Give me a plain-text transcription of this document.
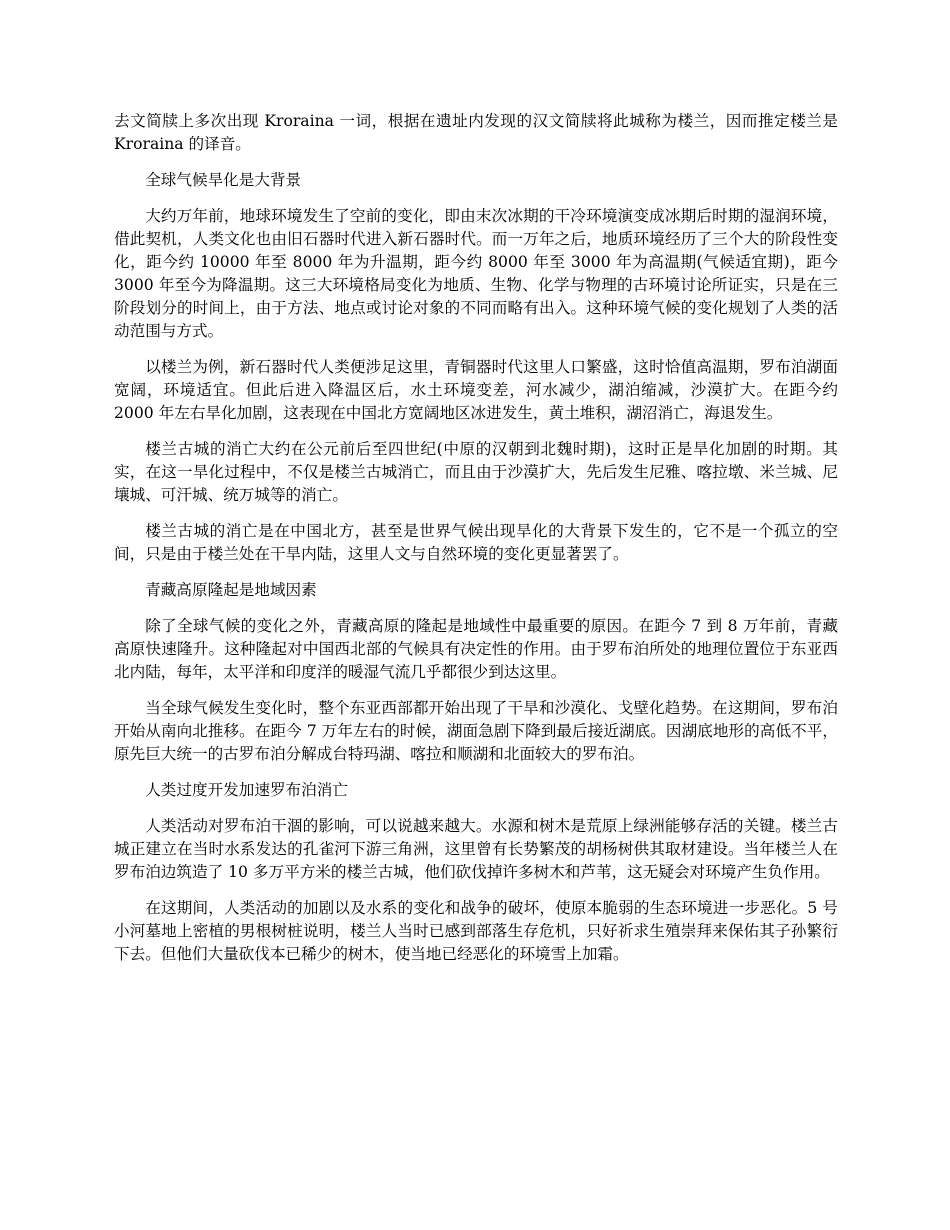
去文简牍上多次出现 Kroraina 一词，根据在遗址内发现的汉文简牍将此城称为楼兰，因而推定楼兰是 Kroraina 的译音。

全球气候旱化是大背景

大约万年前，地球环境发生了空前的变化，即由末次冰期的干冷环境演变成冰期后时期的湿润环境，借此契机，人类文化也由旧石器时代进入新石器时代。而一万年之后，地质环境经历了三个大的阶段性变化，距今约 10000 年至 8000 年为升温期，距今约 8000 年至 3000 年为高温期(气候适宜期)，距今 3000 年至今为降温期。这三大环境格局变化为地质、生物、化学与物理的古环境讨论所证实，只是在三阶段划分的时间上，由于方法、地点或讨论对象的不同而略有出入。这种环境气候的变化规划了人类的活动范围与方式。

以楼兰为例，新石器时代人类便涉足这里，青铜器时代这里人口繁盛，这时恰值高温期，罗布泊湖面宽阔，环境适宜。但此后进入降温区后，水土环境变差，河水减少，湖泊缩减，沙漠扩大。在距今约 2000 年左右旱化加剧，这表现在中国北方宽阔地区冰进发生，黄土堆积，湖沼消亡，海退发生。

楼兰古城的消亡大约在公元前后至四世纪(中原的汉朝到北魏时期)，这时正是旱化加剧的时期。其实，在这一旱化过程中，不仅是楼兰古城消亡，而且由于沙漠扩大，先后发生尼雅、喀拉墩、米兰城、尼壤城、可汗城、统万城等的消亡。

楼兰古城的消亡是在中国北方，甚至是世界气候出现旱化的大背景下发生的，它不是一个孤立的空间，只是由于楼兰处在干旱内陆，这里人文与自然环境的变化更显著罢了。

青藏高原隆起是地域因素

除了全球气候的变化之外，青藏高原的隆起是地域性中最重要的原因。在距今 7 到 8 万年前，青藏高原快速隆升。这种隆起对中国西北部的气候具有决定性的作用。由于罗布泊所处的地理位置位于东亚西北内陆，每年，太平洋和印度洋的暖湿气流几乎都很少到达这里。

当全球气候发生变化时，整个东亚西部都开始出现了干旱和沙漠化、戈壁化趋势。在这期间，罗布泊开始从南向北推移。在距今 7 万年左右的时候，湖面急剧下降到最后接近湖底。因湖底地形的高低不平，原先巨大统一的古罗布泊分解成台特玛湖、喀拉和顺湖和北面较大的罗布泊。

人类过度开发加速罗布泊消亡

人类活动对罗布泊干涸的影响，可以说越来越大。水源和树木是荒原上绿洲能够存活的关键。楼兰古城正建立在当时水系发达的孔雀河下游三角洲，这里曾有长势繁茂的胡杨树供其取材建设。当年楼兰人在罗布泊边筑造了 10 多万平方米的楼兰古城，他们砍伐掉许多树木和芦苇，这无疑会对环境产生负作用。

在这期间，人类活动的加剧以及水系的变化和战争的破坏，使原本脆弱的生态环境进一步恶化。5 号小河墓地上密植的男根树桩说明，楼兰人当时已感到部落生存危机，只好祈求生殖崇拜来保佑其子孙繁衍下去。但他们大量砍伐本已稀少的树木，使当地已经恶化的环境雪上加霜。
